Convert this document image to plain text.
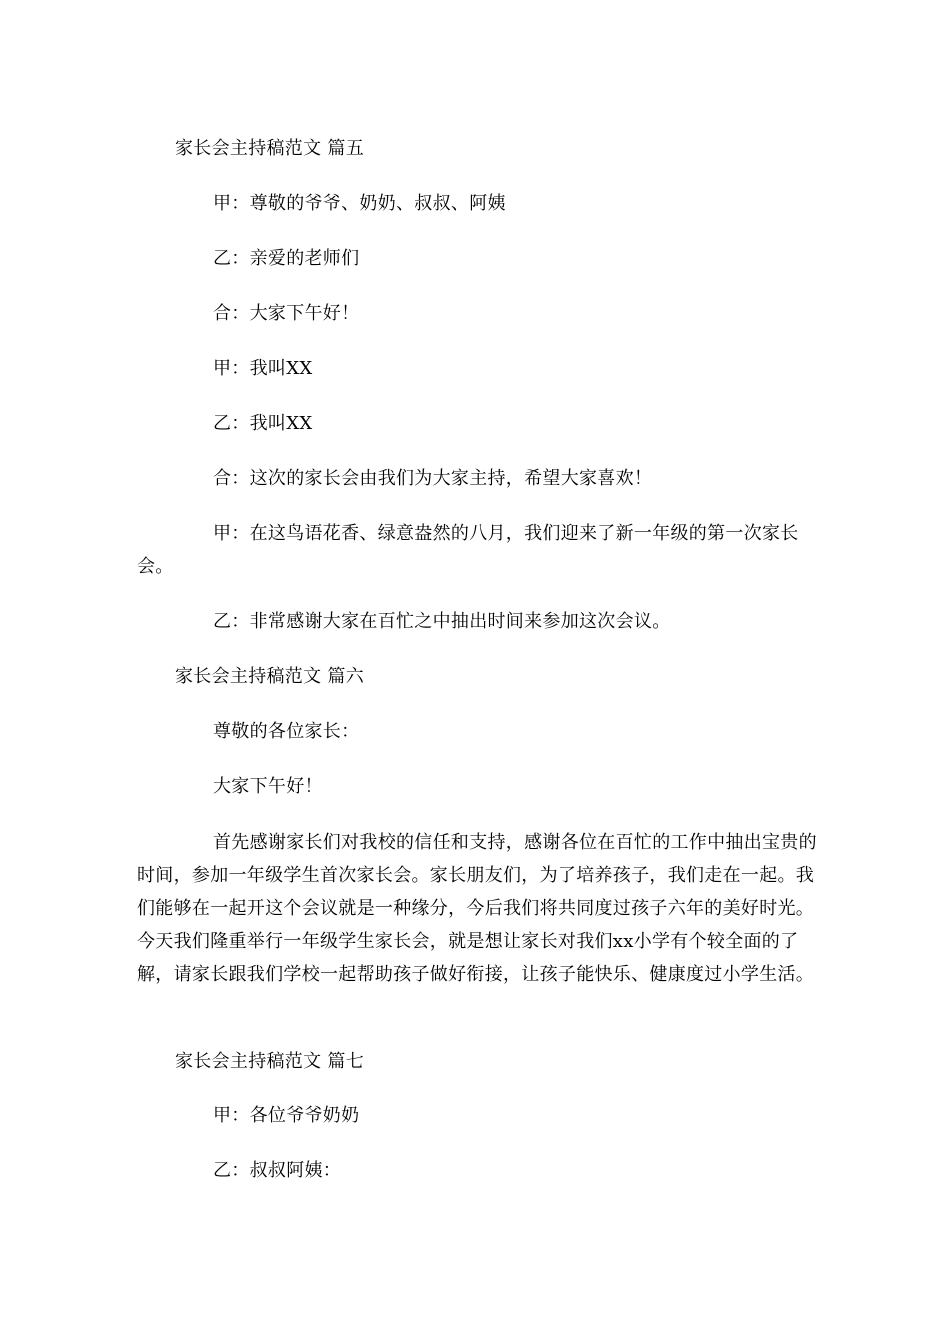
家长会主持稿范文 篇五
甲：尊敬的爷爷、奶奶、叔叔、阿姨
乙：亲爱的老师们
合：大家下午好！
甲：我叫XX
乙：我叫XX
合：这次的家长会由我们为大家主持，希望大家喜欢！
甲：在这鸟语花香、绿意盎然的八月，我们迎来了新一年级的第一次家长会。
乙：非常感谢大家在百忙之中抽出时间来参加这次会议。
家长会主持稿范文 篇六
尊敬的各位家长：
大家下午好！
首先感谢家长们对我校的信任和支持，感谢各位在百忙的工作中抽出宝贵的时间，参加一年级学生首次家长会。家长朋友们，为了培养孩子，我们走在一起。我们能够在一起开这个会议就是一种缘分，今后我们将共同度过孩子六年的美好时光。今天我们隆重举行一年级学生家长会，就是想让家长对我们xx小学有个较全面的了解，请家长跟我们学校一起帮助孩子做好衔接，让孩子能快乐、健康度过小学生活。
家长会主持稿范文 篇七
甲：各位爷爷奶奶
乙：叔叔阿姨：
